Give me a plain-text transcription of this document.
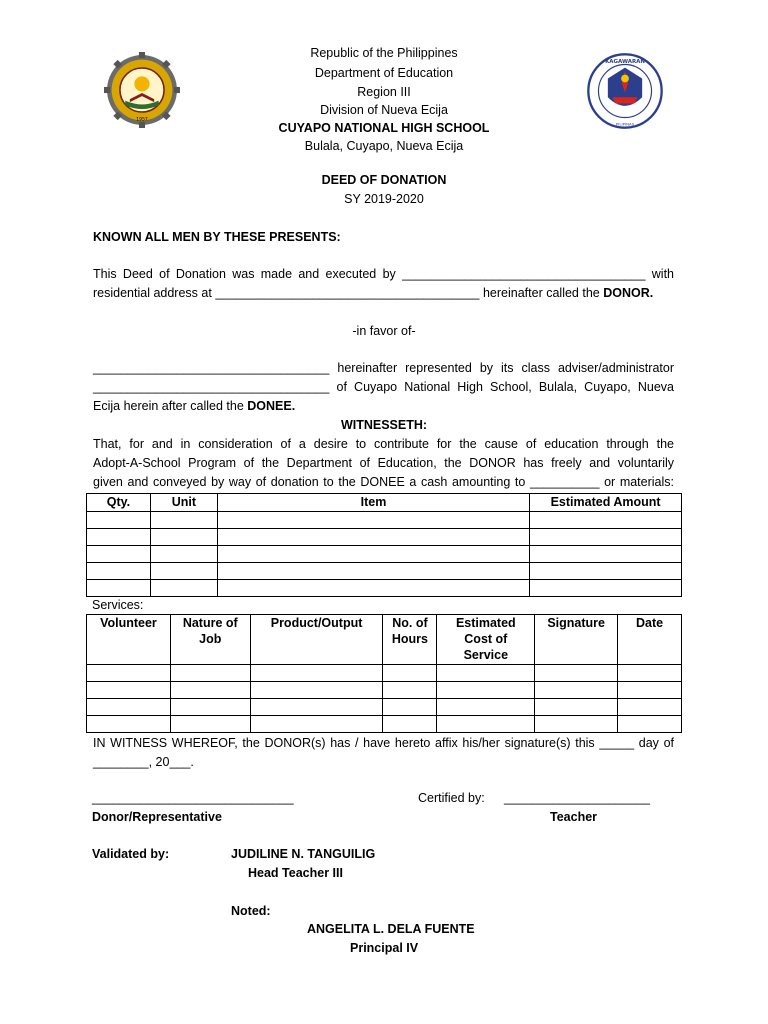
1957
KAGAWARAN
PILIPINAS
Republic of the Philippines
Department of Education
Region III
Division of Nueva Ecija
CUYAPO NATIONAL HIGH SCHOOL
Bulala, Cuyapo, Nueva Ecija
DEED OF DONATION
SY 2019-2020
KNOWN ALL MEN BY THESE PRESENTS:
This Deed of Donation was made and executed by ___________________________________ with
residential address at ______________________________________ hereinafter called the DONOR.
-in favor of-
__________________________________ hereinafter represented by its class adviser/administrator
__________________________________ of Cuyapo National High School, Bulala, Cuyapo, Nueva
Ecija herein after called the DONEE.
WITNESSETH:
That, for and in consideration of a desire to contribute for the cause of education through the
Adopt-A-School Program of the Department of Education, the DONOR has freely and voluntarily
given and conveyed by way of donation to the DONEE a cash amounting to __________ or materials:
Qty.	Unit	Item	Estimated Amount

Services:
Volunteer	Nature of Job	Product/Output	No. of Hours	Estimated Cost of Service	Signature	Date

IN WITNESS WHEREOF, the DONOR(s) has / have hereto affix his/her signature(s) this _____ day of
________, 20___.
_____________________________
Donor/Representative
Certified by: _____________________
Teacher
Validated by:	JUDILINE N. TANGUILIG
Head Teacher III
Noted:
ANGELITA L. DELA FUENTE
Principal IV
